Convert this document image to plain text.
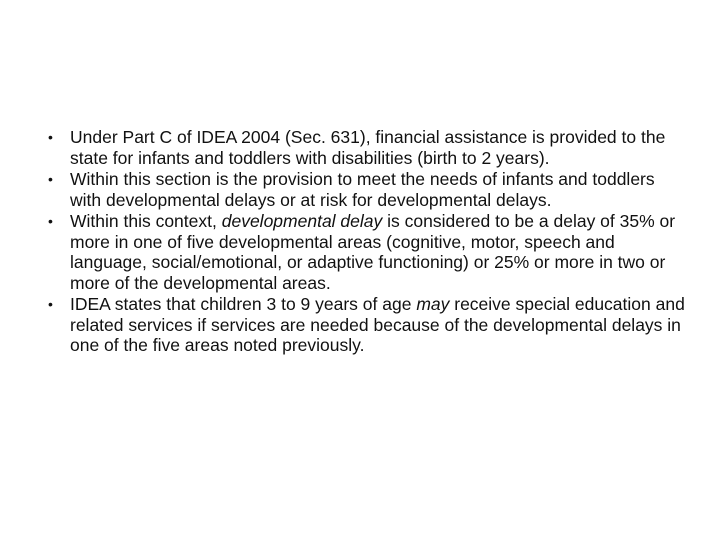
• Under Part C of IDEA 2004 (Sec. 631), financial assistance is provided to the state for infants and toddlers with disabilities (birth to 2 years).
• Within this section is the provision to meet the needs of infants and toddlers with developmental delays or at risk for developmental delays.
• Within this context, developmental delay is considered to be a delay of 35% or more in one of five developmental areas (cognitive, motor, speech and language, social/emotional, or adaptive functioning) or 25% or more in two or more of the developmental areas.
• IDEA states that children 3 to 9 years of age may receive special education and related services if services are needed because of the developmental delays in one of the five areas noted previously.
